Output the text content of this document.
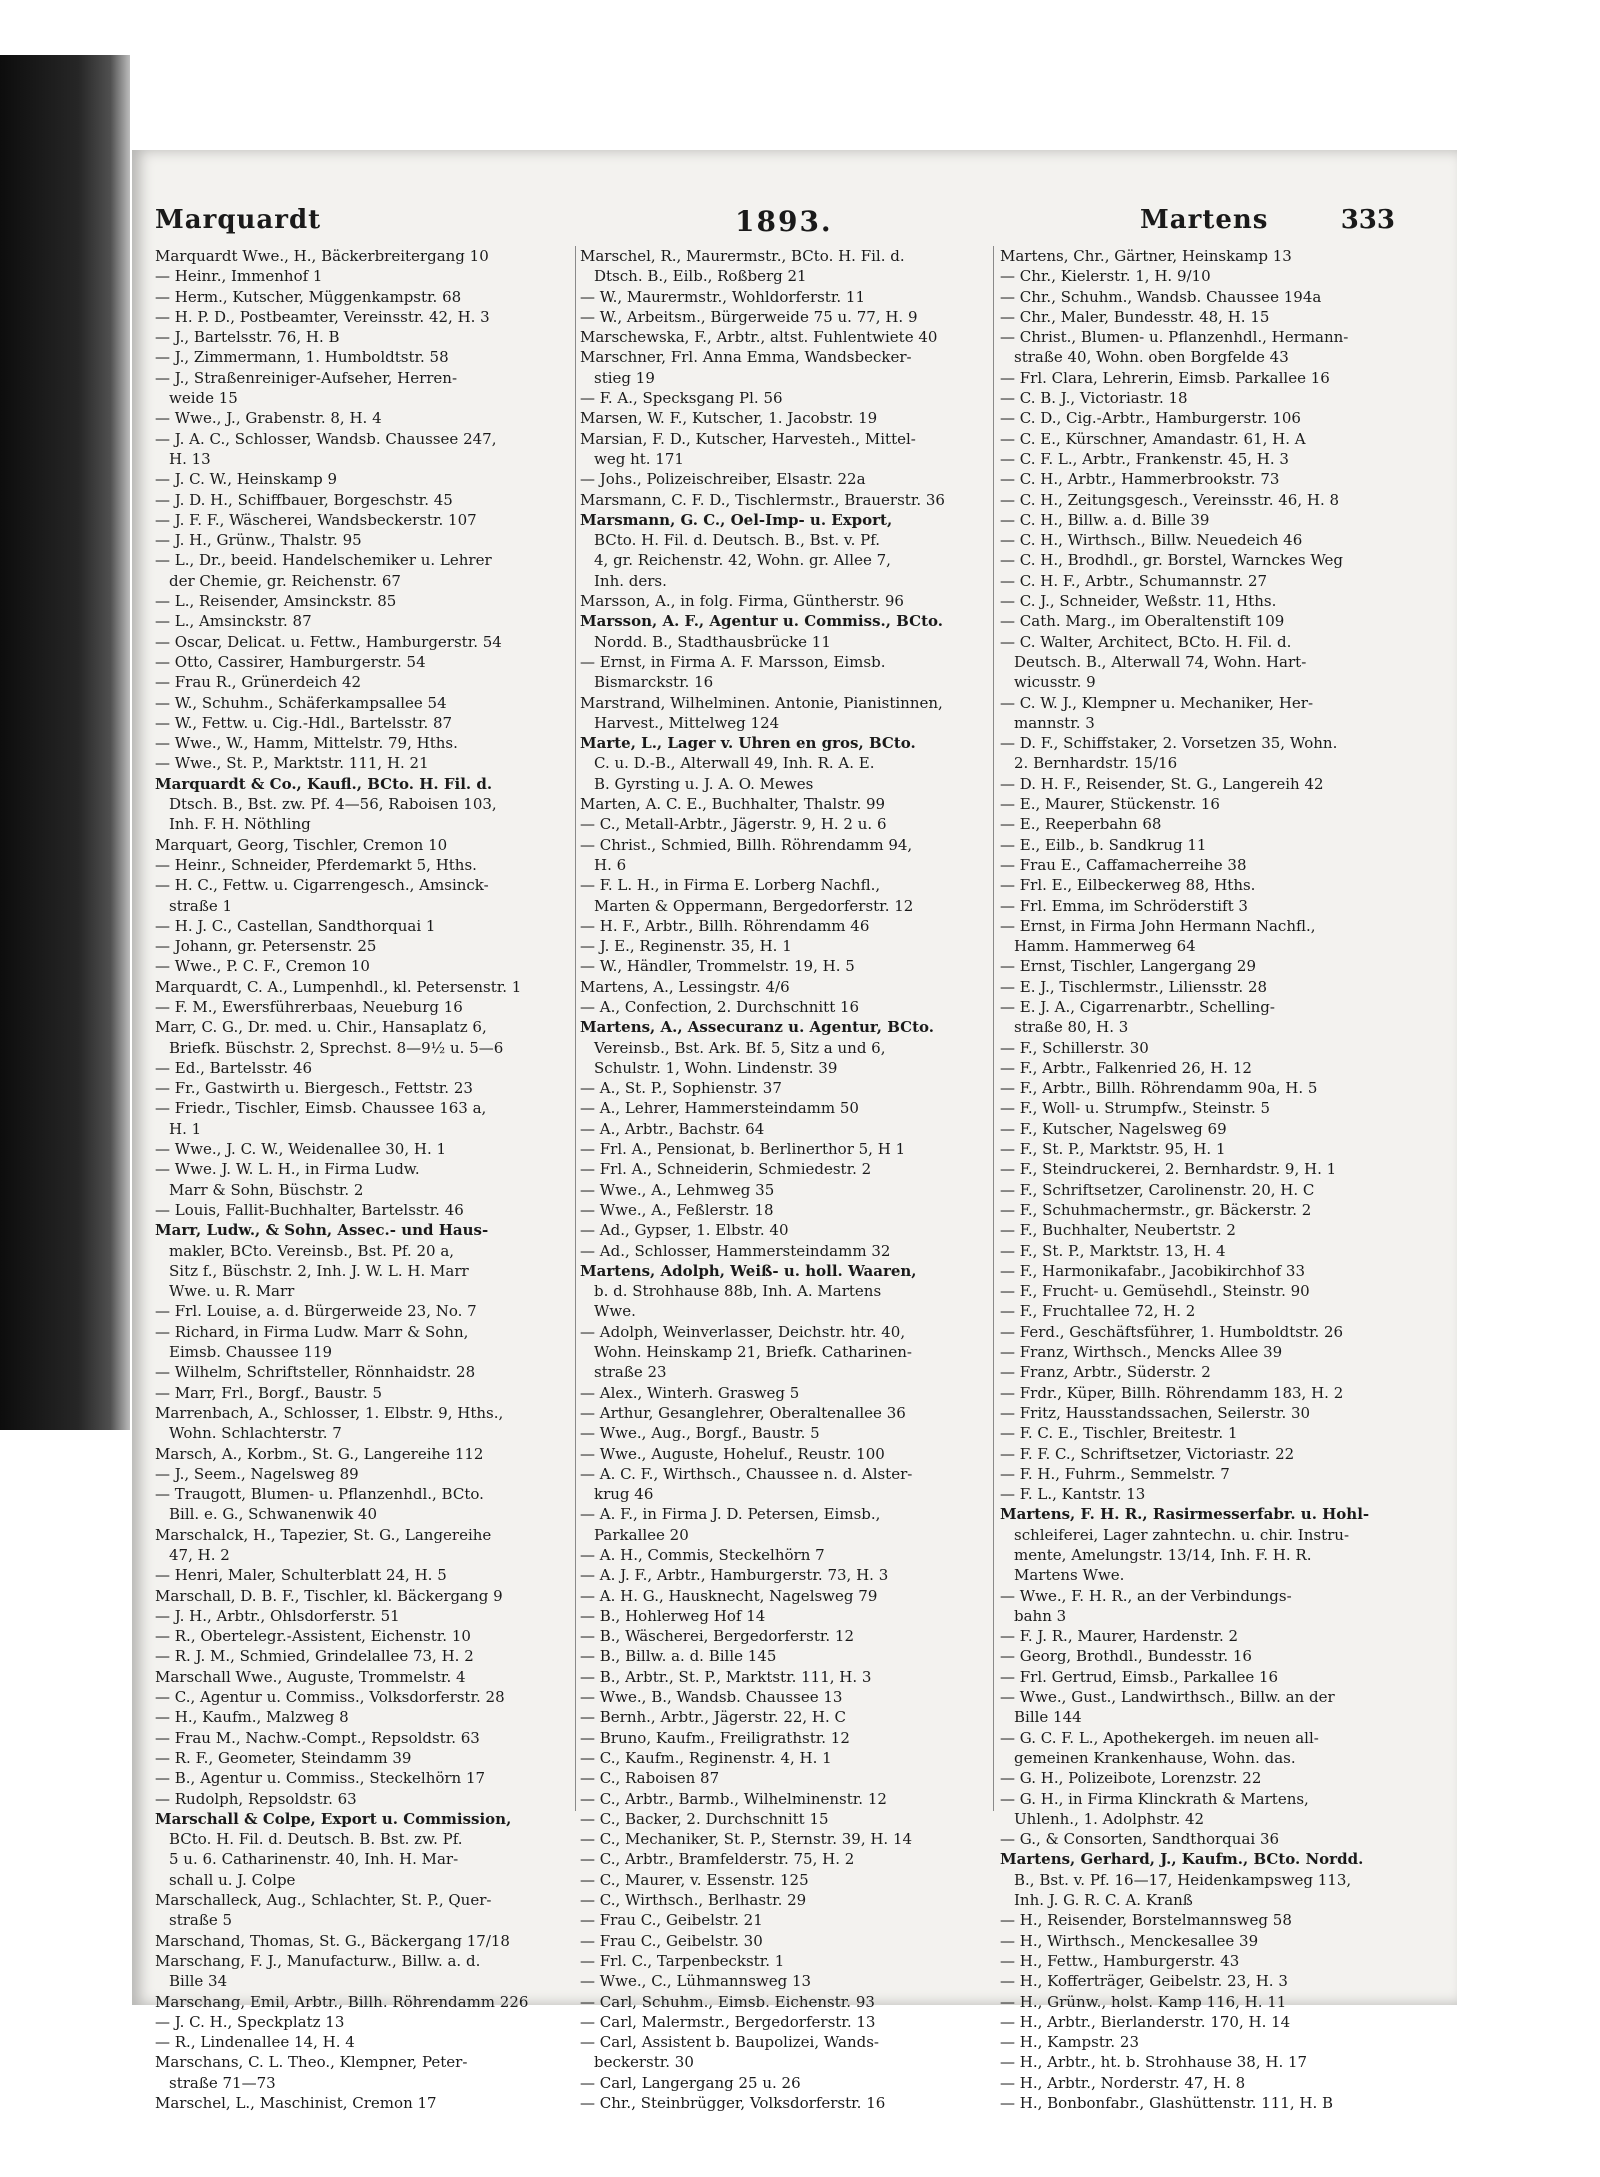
Marquardt	1893.	Martens	333
Marquardt Wwe., H., Bäckerbreitergang 10
— Heinr., Immenhof 1
— Herm., Kutscher, Müggenkampstr. 68
— H. P. D., Postbeamter, Vereinsstr. 42, H. 3
— J., Bartelsstr. 76, H. B
— J., Zimmermann, 1. Humboldtstr. 58
— J., Straßenreiniger-Aufseher, Herren-
weide 15
— Wwe., J., Grabenstr. 8, H. 4
— J. A. C., Schlosser, Wandsb. Chaussee 247,
H. 13
— J. C. W., Heinskamp 9
— J. D. H., Schiffbauer, Borgeschstr. 45
— J. F. F., Wäscherei, Wandsbeckerstr. 107
— J. H., Grünw., Thalstr. 95
— L., Dr., beeid. Handelschemiker u. Lehrer
der Chemie, gr. Reichenstr. 67
— L., Reisender, Amsinckstr. 85
— L., Amsinckstr. 87
— Oscar, Delicat. u. Fettw., Hamburgerstr. 54
— Otto, Cassirer, Hamburgerstr. 54
— Frau R., Grünerdeich 42
— W., Schuhm., Schäferkampsallee 54
— W., Fettw. u. Cig.-Hdl., Bartelsstr. 87
— Wwe., W., Hamm, Mittelstr. 79, Hths.
— Wwe., St. P., Marktstr. 111, H. 21
Marquardt & Co., Kaufl., BCto. H. Fil. d.
Dtsch. B., Bst. zw. Pf. 4—56, Raboisen 103,
Inh. F. H. Nöthling
Marquart, Georg, Tischler, Cremon 10
— Heinr., Schneider, Pferdemarkt 5, Hths.
— H. C., Fettw. u. Cigarrengesch., Amsinck-
straße 1
— H. J. C., Castellan, Sandthorquai 1
— Johann, gr. Petersenstr. 25
— Wwe., P. C. F., Cremon 10
Marquardt, C. A., Lumpenhdl., kl. Petersenstr. 1
— F. M., Ewersführerbaas, Neueburg 16
Marr, C. G., Dr. med. u. Chir., Hansaplatz 6,
Briefk. Büschstr. 2, Sprechst. 8—9½ u. 5—6
— Ed., Bartelsstr. 46
— Fr., Gastwirth u. Biergesch., Fettstr. 23
— Friedr., Tischler, Eimsb. Chaussee 163 a,
H. 1
— Wwe., J. C. W., Weidenallee 30, H. 1
— Wwe. J. W. L. H., in Firma Ludw.
Marr & Sohn, Büschstr. 2
— Louis, Fallit-Buchhalter, Bartelsstr. 46
Marr, Ludw., & Sohn, Assec.- und Haus-
makler, BCto. Vereinsb., Bst. Pf. 20 a,
Sitz f., Büschstr. 2, Inh. J. W. L. H. Marr
Wwe. u. R. Marr
— Frl. Louise, a. d. Bürgerweide 23, No. 7
— Richard, in Firma Ludw. Marr & Sohn,
Eimsb. Chaussee 119
— Wilhelm, Schriftsteller, Rönnhaidstr. 28
— Marr, Frl., Borgf., Baustr. 5
Marrenbach, A., Schlosser, 1. Elbstr. 9, Hths.,
Wohn. Schlachterstr. 7
Marsch, A., Korbm., St. G., Langereihe 112
— J., Seem., Nagelsweg 89
— Traugott, Blumen- u. Pflanzenhdl., BCto.
Bill. e. G., Schwanenwik 40
Marschalck, H., Tapezier, St. G., Langereihe
47, H. 2
— Henri, Maler, Schulterblatt 24, H. 5
Marschall, D. B. F., Tischler, kl. Bäckergang 9
— J. H., Arbtr., Ohlsdorferstr. 51
— R., Obertelegr.-Assistent, Eichenstr. 10
— R. J. M., Schmied, Grindelallee 73, H. 2
Marschall Wwe., Auguste, Trommelstr. 4
— C., Agentur u. Commiss., Volksdorferstr. 28
— H., Kaufm., Malzweg 8
— Frau M., Nachw.-Compt., Repsoldstr. 63
— R. F., Geometer, Steindamm 39
— B., Agentur u. Commiss., Steckelhörn 17
— Rudolph, Repsoldstr. 63
Marschall & Colpe, Export u. Commission,
BCto. H. Fil. d. Deutsch. B. Bst. zw. Pf.
5 u. 6. Catharinenstr. 40, Inh. H. Mar-
schall u. J. Colpe
Marschalleck, Aug., Schlachter, St. P., Quer-
straße 5
Marschand, Thomas, St. G., Bäckergang 17/18
Marschang, F. J., Manufacturw., Billw. a. d.
Bille 34
Marschang, Emil, Arbtr., Billh. Röhrendamm 226
— J. C. H., Speckplatz 13
— R., Lindenallee 14, H. 4
Marschans, C. L. Theo., Klempner, Peter-
straße 71—73
Marschel, L., Maschinist, Cremon 17
Marschel, R., Maurermstr., BCto. H. Fil. d.
Dtsch. B., Eilb., Roßberg 21
— W., Maurermstr., Wohldorferstr. 11
— W., Arbeitsm., Bürgerweide 75 u. 77, H. 9
Marschewska, F., Arbtr., altst. Fuhlentwiete 40
Marschner, Frl. Anna Emma, Wandsbecker-
stieg 19
— F. A., Specksgang Pl. 56
Marsen, W. F., Kutscher, 1. Jacobstr. 19
Marsian, F. D., Kutscher, Harvesteh., Mittel-
weg ht. 171
— Johs., Polizeischreiber, Elsastr. 22a
Marsmann, C. F. D., Tischlermstr., Brauerstr. 36
Marsmann, G. C., Oel-Imp- u. Export,
BCto. H. Fil. d. Deutsch. B., Bst. v. Pf.
4, gr. Reichenstr. 42, Wohn. gr. Allee 7,
Inh. ders.
Marsson, A., in folg. Firma, Güntherstr. 96
Marsson, A. F., Agentur u. Commiss., BCto.
Nordd. B., Stadthausbrücke 11
— Ernst, in Firma A. F. Marsson, Eimsb.
Bismarckstr. 16
Marstrand, Wilhelminen. Antonie, Pianistinnen,
Harvest., Mittelweg 124
Marte, L., Lager v. Uhren en gros, BCto.
C. u. D.-B., Alterwall 49, Inh. R. A. E.
B. Gyrsting u. J. A. O. Mewes
Marten, A. C. E., Buchhalter, Thalstr. 99
— C., Metall-Arbtr., Jägerstr. 9, H. 2 u. 6
— Christ., Schmied, Billh. Röhrendamm 94,
H. 6
— F. L. H., in Firma E. Lorberg Nachfl.,
Marten & Oppermann, Bergedorferstr. 12
— H. F., Arbtr., Billh. Röhrendamm 46
— J. E., Reginenstr. 35, H. 1
— W., Händler, Trommelstr. 19, H. 5
Martens, A., Lessingstr. 4/6
— A., Confection, 2. Durchschnitt 16
Martens, A., Assecuranz u. Agentur, BCto.
Vereinsb., Bst. Ark. Bf. 5, Sitz a und 6,
Schulstr. 1, Wohn. Lindenstr. 39
— A., St. P., Sophienstr. 37
— A., Lehrer, Hammersteindamm 50
— A., Arbtr., Bachstr. 64
— Frl. A., Pensionat, b. Berlinerthor 5, H 1
— Frl. A., Schneiderin, Schmiedestr. 2
— Wwe., A., Lehmweg 35
— Wwe., A., Feßlerstr. 18
— Ad., Gypser, 1. Elbstr. 40
— Ad., Schlosser, Hammersteindamm 32
Martens, Adolph, Weiß- u. holl. Waaren,
b. d. Strohhause 88b, Inh. A. Martens
Wwe.
— Adolph, Weinverlasser, Deichstr. htr. 40,
Wohn. Heinskamp 21, Briefk. Catharinen-
straße 23
— Alex., Winterh. Grasweg 5
— Arthur, Gesanglehrer, Oberaltenallee 36
— Wwe., Aug., Borgf., Baustr. 5
— Wwe., Auguste, Hoheluf., Reustr. 100
— A. C. F., Wirthsch., Chaussee n. d. Alster-
krug 46
— A. F., in Firma J. D. Petersen, Eimsb.,
Parkallee 20
— A. H., Commis, Steckelhörn 7
— A. J. F., Arbtr., Hamburgerstr. 73, H. 3
— A. H. G., Hausknecht, Nagelsweg 79
— B., Hohlerweg Hof 14
— B., Wäscherei, Bergedorferstr. 12
— B., Billw. a. d. Bille 145
— B., Arbtr., St. P., Marktstr. 111, H. 3
— Wwe., B., Wandsb. Chaussee 13
— Bernh., Arbtr., Jägerstr. 22, H. C
— Bruno, Kaufm., Freiligrathstr. 12
— C., Kaufm., Reginenstr. 4, H. 1
— C., Raboisen 87
— C., Arbtr., Barmb., Wilhelminenstr. 12
— C., Backer, 2. Durchschnitt 15
— C., Mechaniker, St. P., Sternstr. 39, H. 14
— C., Arbtr., Bramfelderstr. 75, H. 2
— C., Maurer, v. Essenstr. 125
— C., Wirthsch., Berlhastr. 29
— Frau C., Geibelstr. 21
— Frau C., Geibelstr. 30
— Frl. C., Tarpenbeckstr. 1
— Wwe., C., Lühmannsweg 13
— Carl, Schuhm., Eimsb. Eichenstr. 93
— Carl, Malermstr., Bergedorferstr. 13
— Carl, Assistent b. Baupolizei, Wands-
beckerstr. 30
— Carl, Langergang 25 u. 26
— Chr., Steinbrügger, Volksdorferstr. 16
Martens, Chr., Gärtner, Heinskamp 13
— Chr., Kielerstr. 1, H. 9/10
— Chr., Schuhm., Wandsb. Chaussee 194a
— Chr., Maler, Bundesstr. 48, H. 15
— Christ., Blumen- u. Pflanzenhdl., Hermann-
straße 40, Wohn. oben Borgfelde 43
— Frl. Clara, Lehrerin, Eimsb. Parkallee 16
— C. B. J., Victoriastr. 18
— C. D., Cig.-Arbtr., Hamburgerstr. 106
— C. E., Kürschner, Amandastr. 61, H. A
— C. F. L., Arbtr., Frankenstr. 45, H. 3
— C. H., Arbtr., Hammerbrookstr. 73
— C. H., Zeitungsgesch., Vereinsstr. 46, H. 8
— C. H., Billw. a. d. Bille 39
— C. H., Wirthsch., Billw. Neuedeich 46
— C. H., Brodhdl., gr. Borstel, Warnckes Weg
— C. H. F., Arbtr., Schumannstr. 27
— C. J., Schneider, Weßstr. 11, Hths.
— Cath. Marg., im Oberaltenstift 109
— C. Walter, Architect, BCto. H. Fil. d.
Deutsch. B., Alterwall 74, Wohn. Hart-
wicusstr. 9
— C. W. J., Klempner u. Mechaniker, Her-
mannstr. 3
— D. F., Schiffstaker, 2. Vorsetzen 35, Wohn.
2. Bernhardstr. 15/16
— D. H. F., Reisender, St. G., Langereih 42
— E., Maurer, Stückenstr. 16
— E., Reeperbahn 68
— E., Eilb., b. Sandkrug 11
— Frau E., Caffamacherreihe 38
— Frl. E., Eilbeckerweg 88, Hths.
— Frl. Emma, im Schröderstift 3
— Ernst, in Firma John Hermann Nachfl.,
Hamm. Hammerweg 64
— Ernst, Tischler, Langergang 29
— E. J., Tischlermstr., Liliensstr. 28
— E. J. A., Cigarrenarbtr., Schelling-
straße 80, H. 3
— F., Schillerstr. 30
— F., Arbtr., Falkenried 26, H. 12
— F., Arbtr., Billh. Röhrendamm 90a, H. 5
— F., Woll- u. Strumpfw., Steinstr. 5
— F., Kutscher, Nagelsweg 69
— F., St. P., Marktstr. 95, H. 1
— F., Steindruckerei, 2. Bernhardstr. 9, H. 1
— F., Schriftsetzer, Carolinenstr. 20, H. C
— F., Schuhmachermstr., gr. Bäckerstr. 2
— F., Buchhalter, Neubertstr. 2
— F., St. P., Marktstr. 13, H. 4
— F., Harmonikafabr., Jacobikirchhof 33
— F., Frucht- u. Gemüsehdl., Steinstr. 90
— F., Fruchtallee 72, H. 2
— Ferd., Geschäftsführer, 1. Humboldtstr. 26
— Franz, Wirthsch., Mencks Allee 39
— Franz, Arbtr., Süderstr. 2
— Frdr., Küper, Billh. Röhrendamm 183, H. 2
— Fritz, Hausstandssachen, Seilerstr. 30
— F. C. E., Tischler, Breitestr. 1
— F. F. C., Schriftsetzer, Victoriastr. 22
— F. H., Fuhrm., Semmelstr. 7
— F. L., Kantstr. 13
Martens, F. H. R., Rasirmesserfabr. u. Hohl-
schleiferei, Lager zahntechn. u. chir. Instru-
mente, Amelungstr. 13/14, Inh. F. H. R.
Martens Wwe.
— Wwe., F. H. R., an der Verbindungs-
bahn 3
— F. J. R., Maurer, Hardenstr. 2
— Georg, Brothdl., Bundesstr. 16
— Frl. Gertrud, Eimsb., Parkallee 16
— Wwe., Gust., Landwirthsch., Billw. an der
Bille 144
— G. C. F. L., Apothekergeh. im neuen all-
gemeinen Krankenhause, Wohn. das.
— G. H., Polizeibote, Lorenzstr. 22
— G. H., in Firma Klinckrath & Martens,
Uhlenh., 1. Adolphstr. 42
— G., & Consorten, Sandthorquai 36
Martens, Gerhard, J., Kaufm., BCto. Nordd.
B., Bst. v. Pf. 16—17, Heidenkampsweg 113,
Inh. J. G. R. C. A. Kranß
— H., Reisender, Borstelmannsweg 58
— H., Wirthsch., Menckesallee 39
— H., Fettw., Hamburgerstr. 43
— H., Kofferträger, Geibelstr. 23, H. 3
— H., Grünw., holst. Kamp 116, H. 11
— H., Arbtr., Bierlanderstr. 170, H. 14
— H., Kampstr. 23
— H., Arbtr., ht. b. Strohhause 38, H. 17
— H., Arbtr., Norderstr. 47, H. 8
— H., Bonbonfabr., Glashüttenstr. 111, H. B
